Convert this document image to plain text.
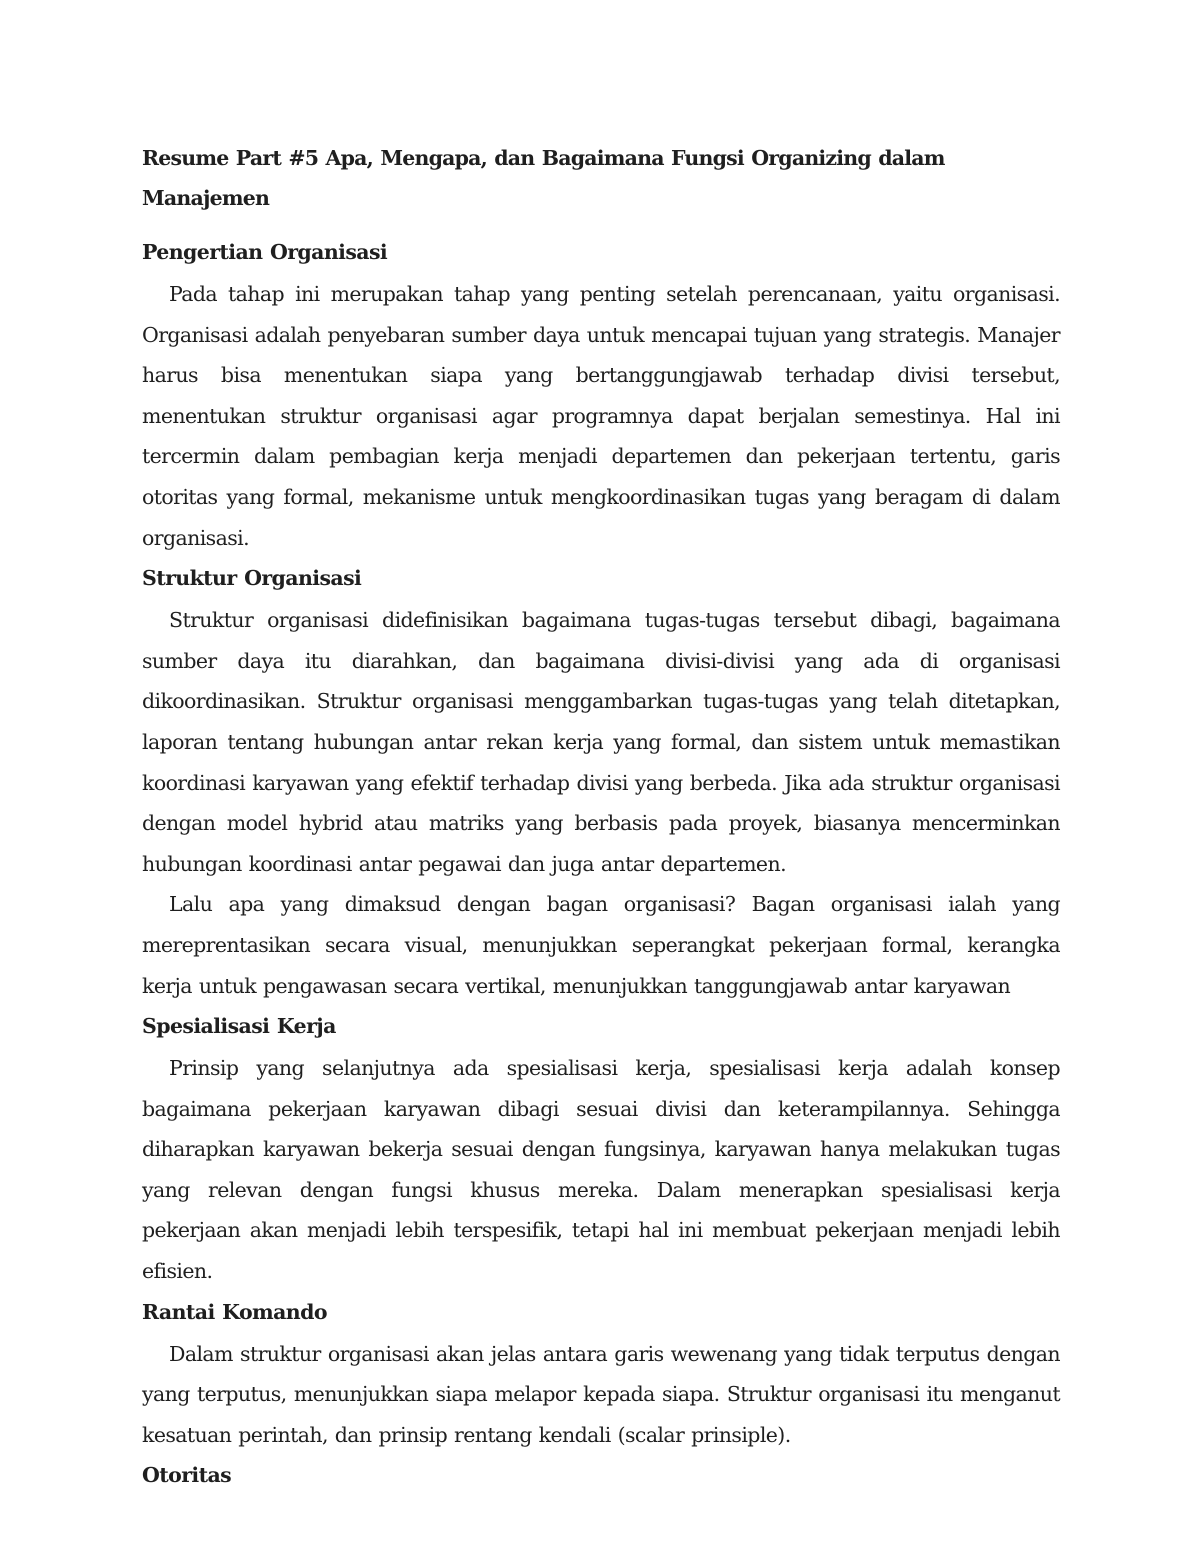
Resume Part #5 Apa, Mengapa, dan Bagaimana Fungsi Organizing dalam Manajemen
Pengertian Organisasi

Pada tahap ini merupakan tahap yang penting setelah perencanaan, yaitu organisasi. Organisasi adalah penyebaran sumber daya untuk mencapai tujuan yang strategis. Manajer harus bisa menentukan siapa yang bertanggungjawab terhadap divisi tersebut, menentukan struktur organisasi agar programnya dapat berjalan semestinya. Hal ini tercermin dalam pembagian kerja menjadi departemen dan pekerjaan tertentu, garis otoritas yang formal, mekanisme untuk mengkoordinasikan tugas yang beragam di dalam organisasi.

Struktur Organisasi

Struktur organisasi didefinisikan bagaimana tugas-tugas tersebut dibagi, bagaimana sumber daya itu diarahkan, dan bagaimana divisi-divisi yang ada di organisasi dikoordinasikan. Struktur organisasi menggambarkan tugas-tugas yang telah ditetapkan, laporan tentang hubungan antar rekan kerja yang formal, dan sistem untuk memastikan koordinasi karyawan yang efektif terhadap divisi yang berbeda. Jika ada struktur organisasi dengan model hybrid atau matriks yang berbasis pada proyek, biasanya mencerminkan hubungan koordinasi antar pegawai dan juga antar departemen.

Lalu apa yang dimaksud dengan bagan organisasi? Bagan organisasi ialah yang mereprentasikan secara visual, menunjukkan seperangkat pekerjaan formal, kerangka kerja untuk pengawasan secara vertikal, menunjukkan tanggungjawab antar karyawan

Spesialisasi Kerja

Prinsip yang selanjutnya ada spesialisasi kerja, spesialisasi kerja adalah konsep bagaimana pekerjaan karyawan dibagi sesuai divisi dan keterampilannya. Sehingga diharapkan karyawan bekerja sesuai dengan fungsinya, karyawan hanya melakukan tugas yang relevan dengan fungsi khusus mereka. Dalam menerapkan spesialisasi kerja pekerjaan akan menjadi lebih terspesifik, tetapi hal ini membuat pekerjaan menjadi lebih efisien.

Rantai Komando

Dalam struktur organisasi akan jelas antara garis wewenang yang tidak terputus dengan yang terputus, menunjukkan siapa melapor kepada siapa. Struktur organisasi itu menganut kesatuan perintah, dan prinsip rentang kendali (scalar prinsiple).

Otoritas
